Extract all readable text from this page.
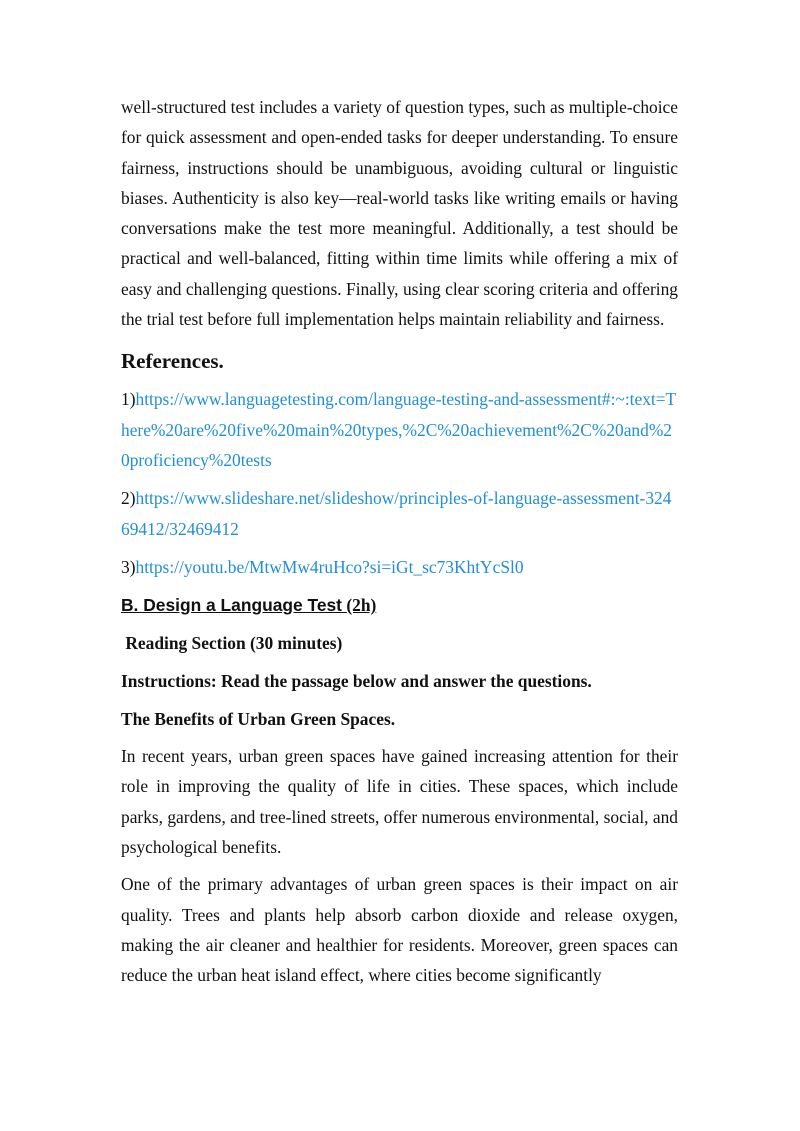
well-structured test includes a variety of question types, such as multiple-choice for quick assessment and open-ended tasks for deeper understanding. To ensure fairness, instructions should be unambiguous, avoiding cultural or linguistic biases. Authenticity is also key—real-world tasks like writing emails or having conversations make the test more meaningful. Additionally, a test should be practical and well-balanced, fitting within time limits while offering a mix of easy and challenging questions. Finally, using clear scoring criteria and offering the trial test before full implementation helps maintain reliability and fairness.

References.

1)https://www.languagetesting.com/language-testing-and-assessment#:~:text=There%20are%20five%20main%20types,%2C%20achievement%2C%20and%20proficiency%20tests

2)https://www.slideshare.net/slideshow/principles-of-language-assessment-32469412/32469412

3)https://youtu.be/MtwMw4ruHco?si=iGt_sc73KhtYcSl0

B. Design a Language Test (2h)
Reading Section (30 minutes)
Instructions: Read the passage below and answer the questions.
The Benefits of Urban Green Spaces.

In recent years, urban green spaces have gained increasing attention for their role in improving the quality of life in cities. These spaces, which include parks, gardens, and tree-lined streets, offer numerous environmental, social, and psychological benefits.

One of the primary advantages of urban green spaces is their impact on air quality. Trees and plants help absorb carbon dioxide and release oxygen, making the air cleaner and healthier for residents. Moreover, green spaces can reduce the urban heat island effect, where cities become significantly
